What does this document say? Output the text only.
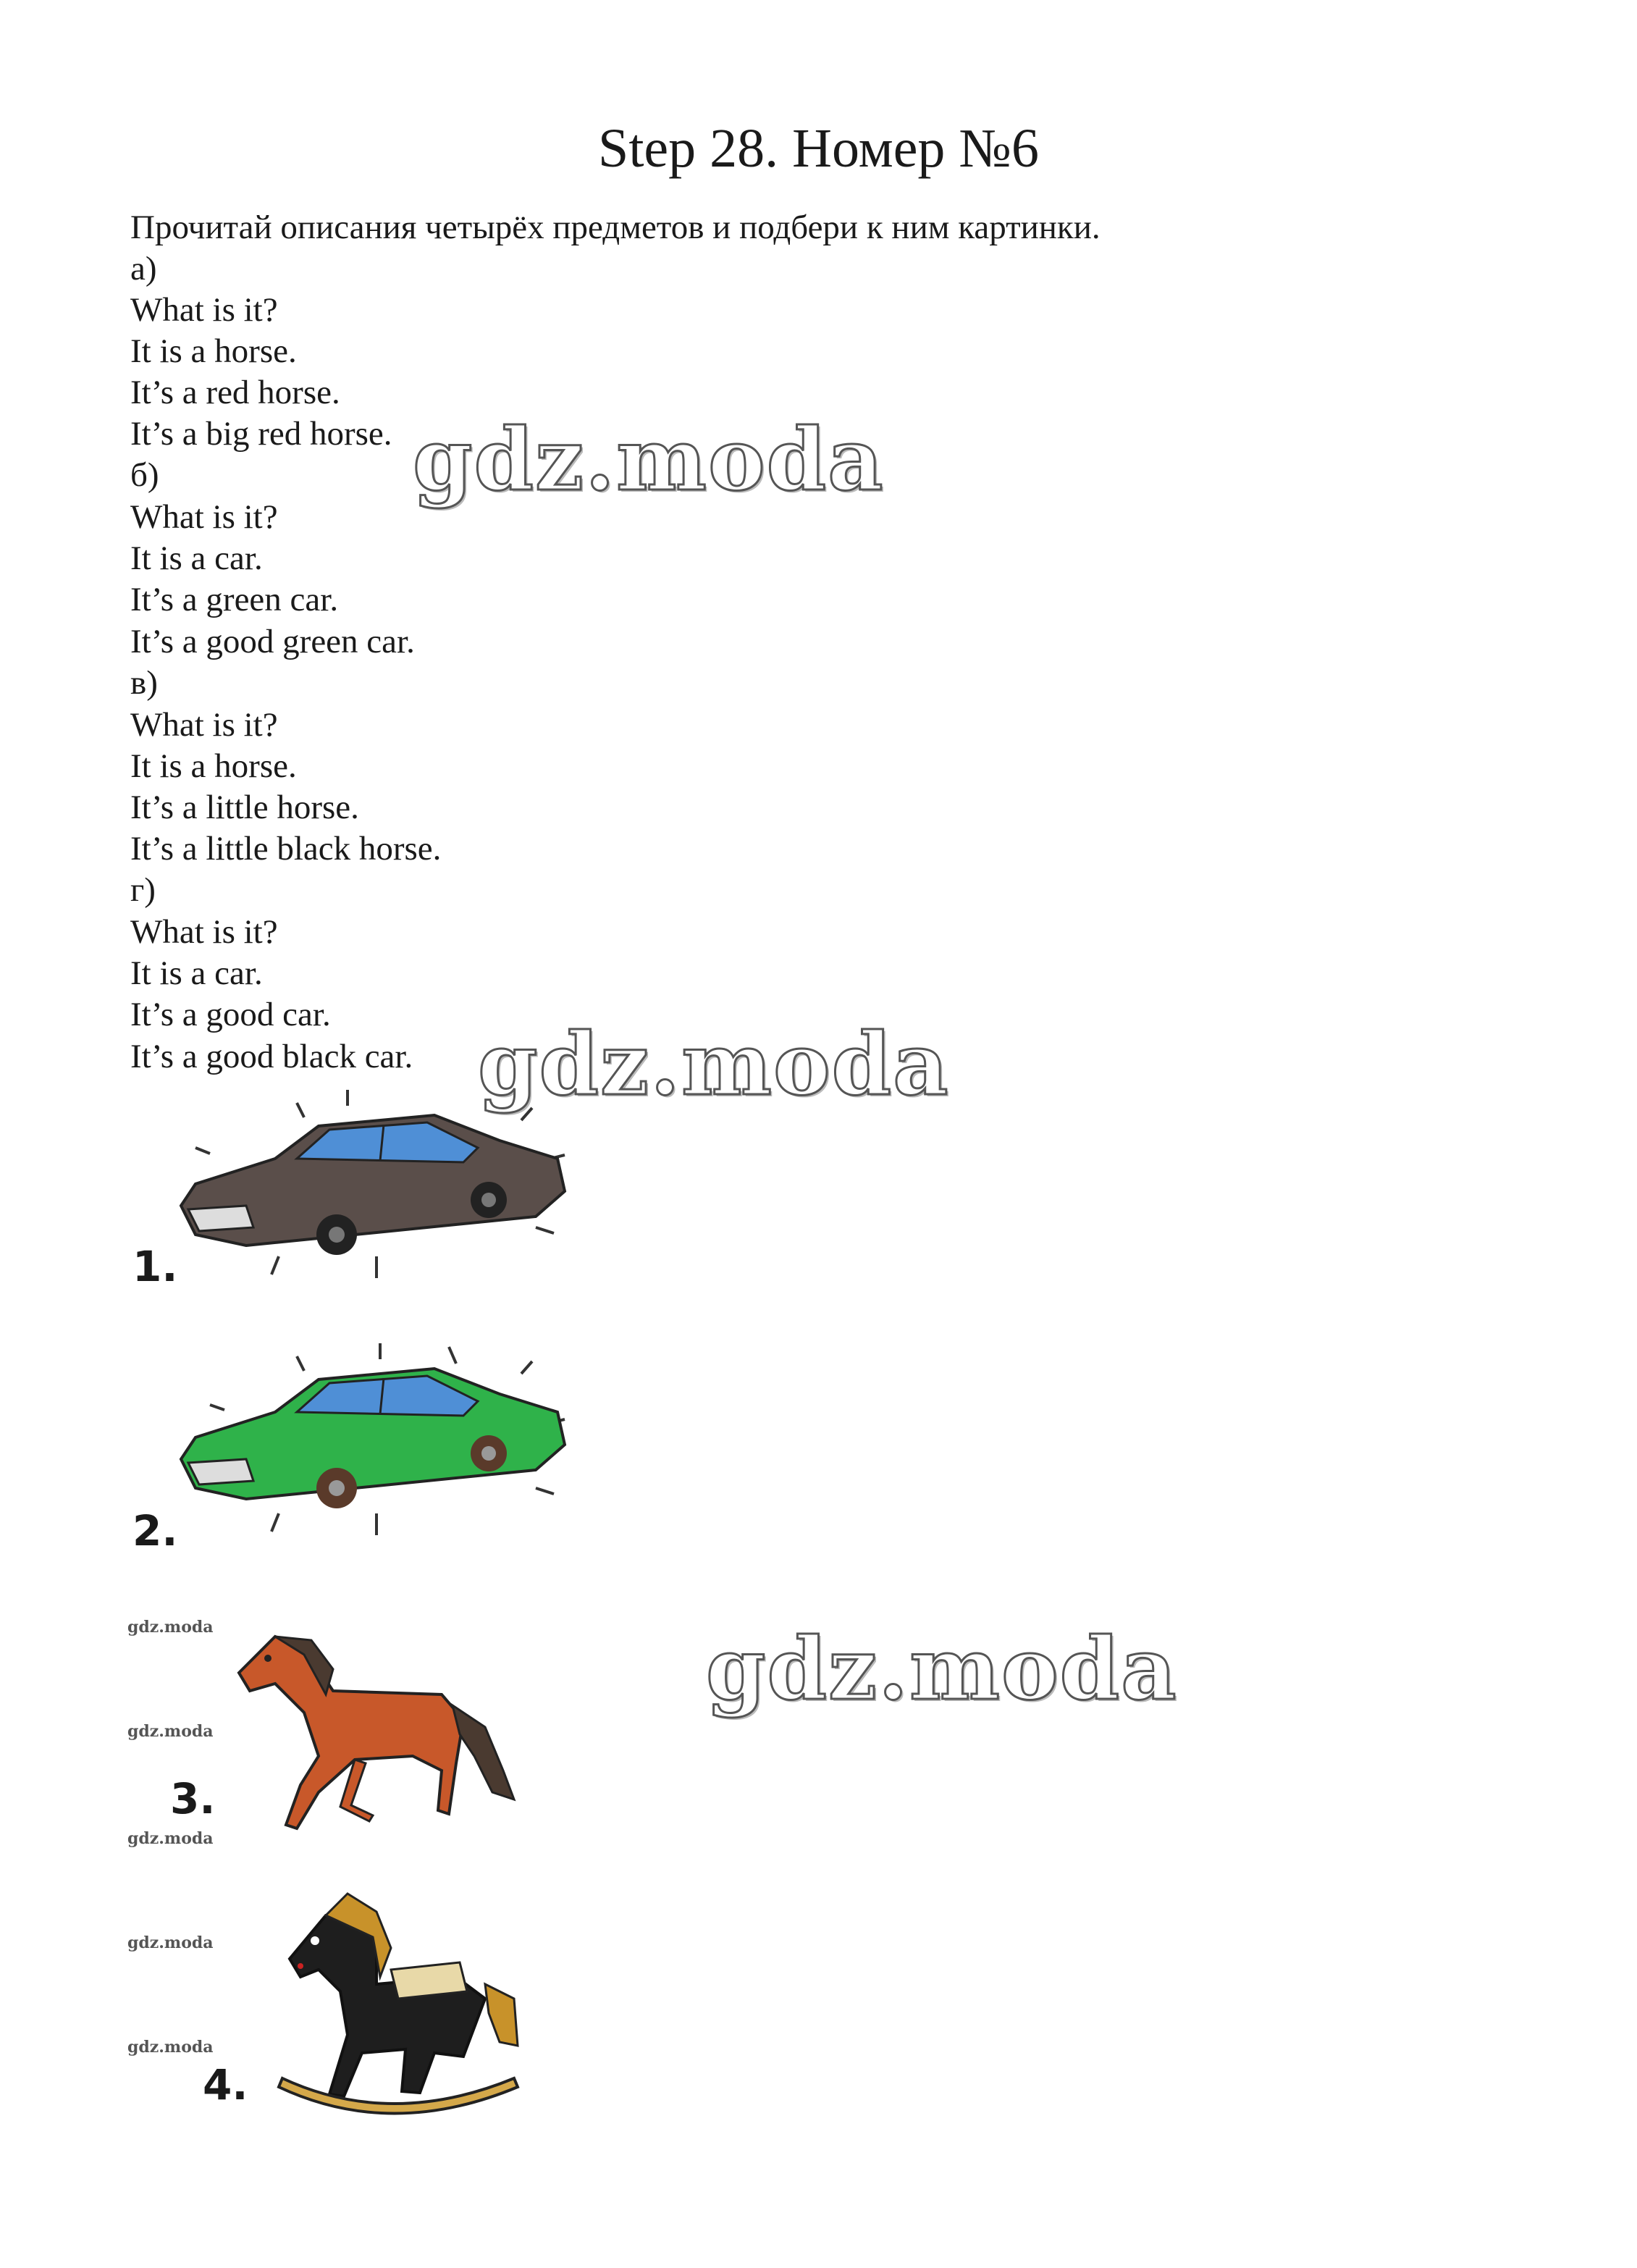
Step 28. Номер №6
Прочитай описания четырёх предметов и подбери к ним картинки.
а)
What is it?
It is a horse.
It’s a red horse.
It’s a big red horse.
б)
What is it?
It is a car.
It’s a green car.
It’s a good green car.
в)
What is it?
It is a horse.
It’s a little horse.
It’s a little black horse.
г)
What is it?
It is a car.
It’s a good car.
It’s a good black car.
gdz.moda
gdz.moda
gdz.moda
gdz.moda
gdz.moda
gdz.moda
gdz.moda
gdz.moda
1.
2.
3.
4.
